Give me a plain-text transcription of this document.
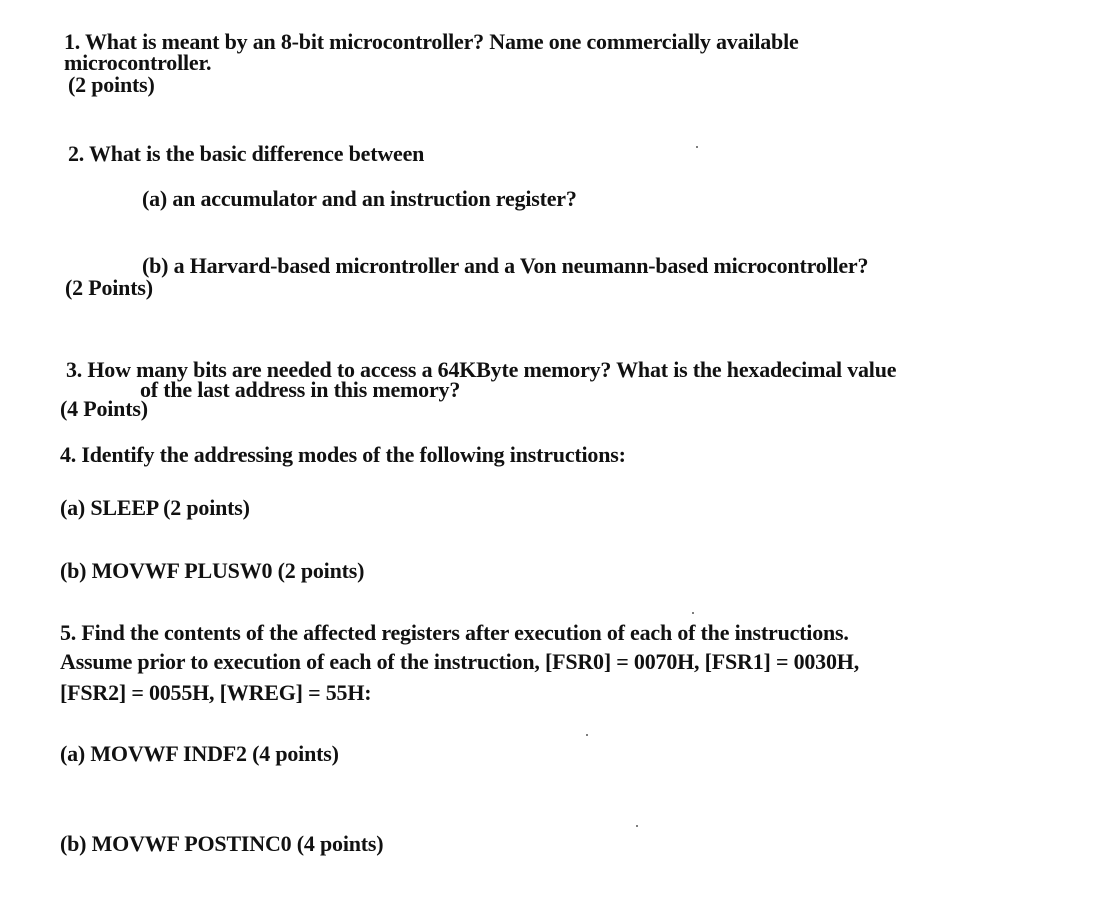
1. What is meant by an 8-bit microcontroller? Name one commercially available
microcontroller.
(2 points)
2. What is the basic difference between
(a) an accumulator and an instruction register?
(b) a Harvard-based microntroller and a Von neumann-based microcontroller?
(2 Points)
3. How many bits are needed to access a 64KByte memory? What is the hexadecimal value
of the last address in this memory?
(4 Points)
4. Identify the addressing modes of the following instructions:
(a) SLEEP (2 points)
(b) MOVWF PLUSW0 (2 points)
5. Find the contents of the affected registers after execution of each of the instructions.
Assume prior to execution of each of the instruction, [FSR0] = 0070H, [FSR1] = 0030H,
[FSR2] = 0055H, [WREG] = 55H:
(a) MOVWF INDF2 (4 points)
(b) MOVWF POSTINC0 (4 points)
